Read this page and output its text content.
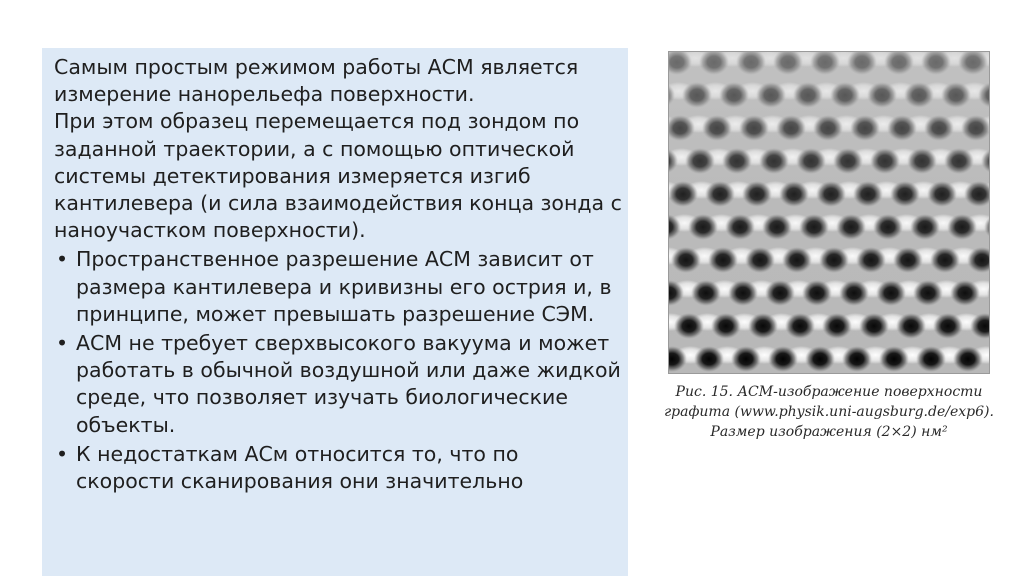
Самым простым режимом работы АСМ является измерение нанорельефа поверхности.

При этом образец перемещается под зондом по заданной траектории, а с помощью оптической системы детектирования измеряется изгиб кантилевера (и сила взаимодействия конца зонда с наноучастком поверхности).

• Пространственное разрешение АСМ зависит от размера кантилевера и кривизны его острия и, в принципе, может превышать разрешение СЭМ.
• АСМ не требует сверхвысокого вакуума и может работать в обычной воздушной или даже жидкой среде, что позволяет изучать биологические объекты.
• К недостаткам АСм относится то, что по скорости сканирования они значительно
Рис. 15. АСМ-изображение поверхности
графита (www.physik.uni-augsburg.de/exp6).
Размер изображения (2×2) нм²
